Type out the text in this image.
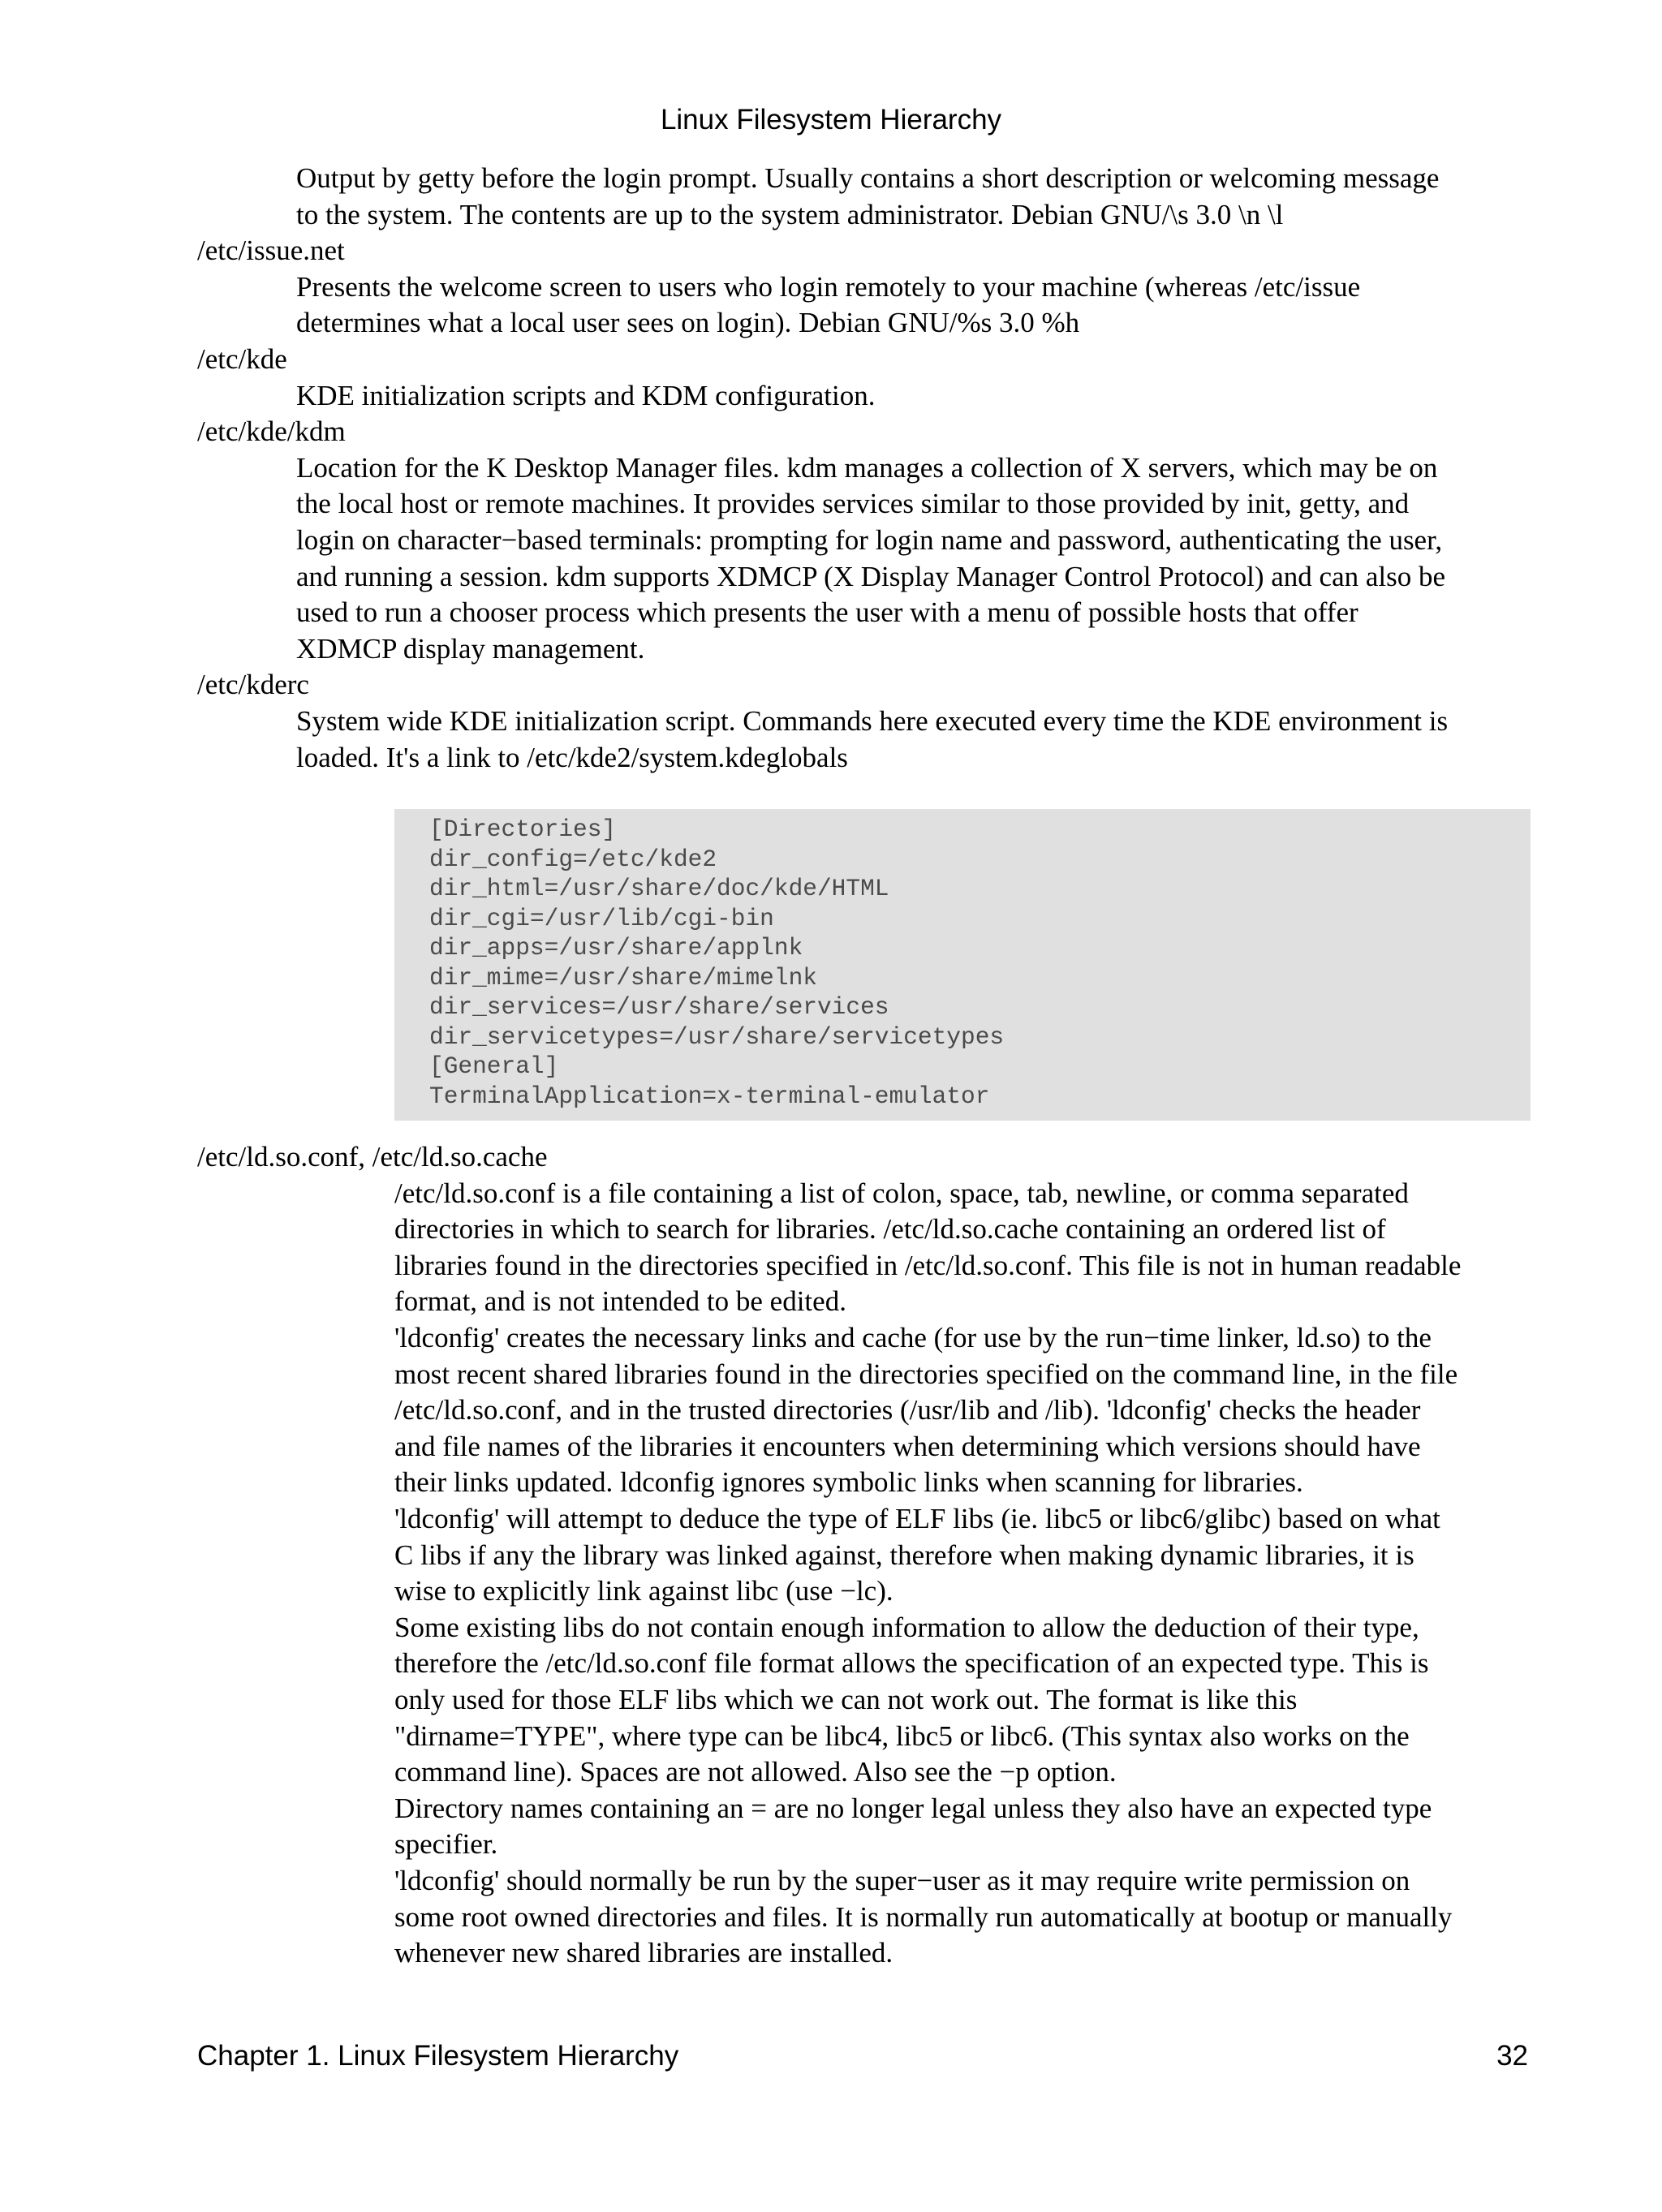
Linux Filesystem Hierarchy
Output by getty before the login prompt. Usually contains a short description or welcoming message
to the system. The contents are up to the system administrator. Debian GNU/\s 3.0 \n \l
/etc/issue.net
Presents the welcome screen to users who login remotely to your machine (whereas /etc/issue
determines what a local user sees on login). Debian GNU/%s 3.0 %h
/etc/kde
KDE initialization scripts and KDM configuration.
/etc/kde/kdm
Location for the K Desktop Manager files. kdm manages a collection of X servers, which may be on
the local host or remote machines. It provides services similar to those provided by init, getty, and
login on character−based terminals: prompting for login name and password, authenticating the user,
and running a session. kdm supports XDMCP (X Display Manager Control Protocol) and can also be
used to run a chooser process which presents the user with a menu of possible hosts that offer
XDMCP display management.
/etc/kderc
System wide KDE initialization script. Commands here executed every time the KDE environment is
loaded. It's a link to /etc/kde2/system.kdeglobals
[Directories]
dir_config=/etc/kde2
dir_html=/usr/share/doc/kde/HTML
dir_cgi=/usr/lib/cgi-bin
dir_apps=/usr/share/applnk
dir_mime=/usr/share/mimelnk
dir_services=/usr/share/services
dir_servicetypes=/usr/share/servicetypes
[General]
TerminalApplication=x-terminal-emulator
/etc/ld.so.conf, /etc/ld.so.cache
/etc/ld.so.conf is a file containing a list of colon, space, tab, newline, or comma separated
directories in which to search for libraries. /etc/ld.so.cache containing an ordered list of
libraries found in the directories specified in /etc/ld.so.conf. This file is not in human readable
format, and is not intended to be edited.
'ldconfig' creates the necessary links and cache (for use by the run−time linker, ld.so) to the
most recent shared libraries found in the directories specified on the command line, in the file
/etc/ld.so.conf, and in the trusted directories (/usr/lib and /lib). 'ldconfig' checks the header
and file names of the libraries it encounters when determining which versions should have
their links updated. ldconfig ignores symbolic links when scanning for libraries.
'ldconfig' will attempt to deduce the type of ELF libs (ie. libc5 or libc6/glibc) based on what
C libs if any the library was linked against, therefore when making dynamic libraries, it is
wise to explicitly link against libc (use −lc).
Some existing libs do not contain enough information to allow the deduction of their type,
therefore the /etc/ld.so.conf file format allows the specification of an expected type. This is
only used for those ELF libs which we can not work out. The format is like this
"dirname=TYPE", where type can be libc4, libc5 or libc6. (This syntax also works on the
command line). Spaces are not allowed. Also see the −p option.
Directory names containing an = are no longer legal unless they also have an expected type
specifier.
'ldconfig' should normally be run by the super−user as it may require write permission on
some root owned directories and files. It is normally run automatically at bootup or manually
whenever new shared libraries are installed.
Chapter 1. Linux Filesystem Hierarchy	32
